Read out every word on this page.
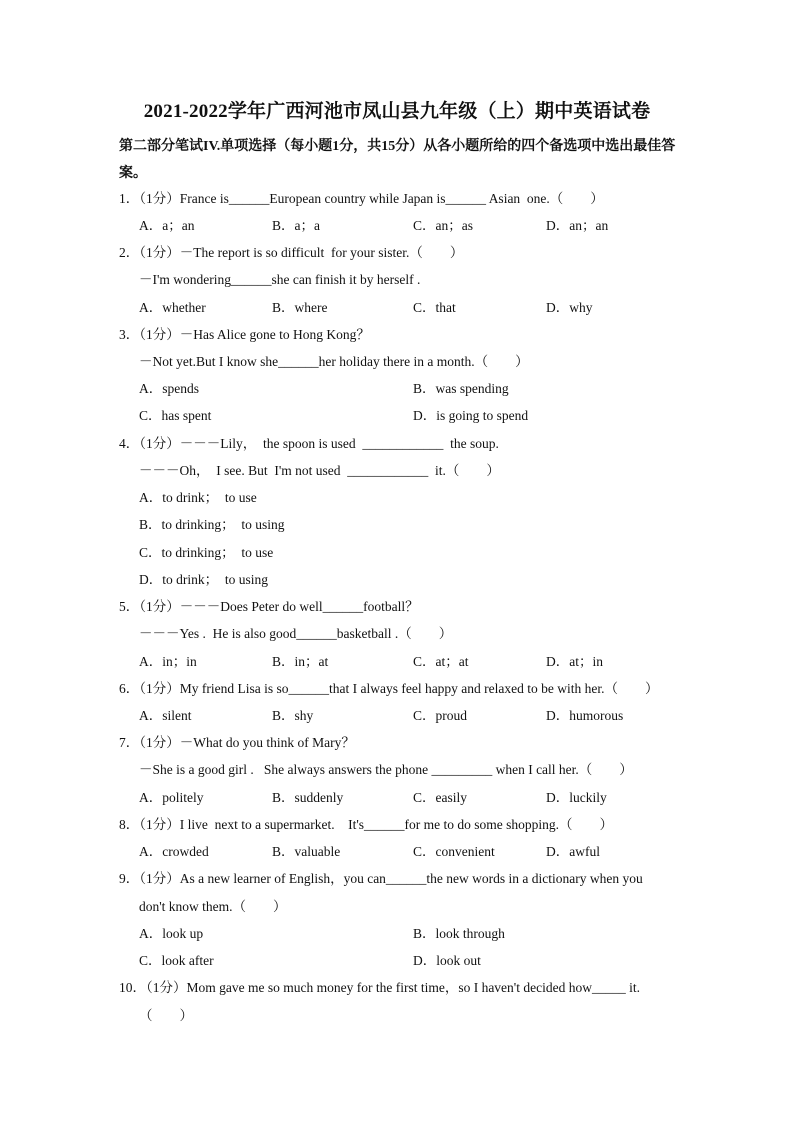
2021-2022学年广西河池市凤山县九年级（上）期中英语试卷
第二部分笔试IV.单项选择（每小题1分，共15分）从各小题所给的四个备选项中选出最佳答案。
1．（1分）France is______European country while Japan is______ Asian  one.（　　）
A．a；an	B．a；a	C．an；as	D．an；an
2．（1分）－The report is so difficult  for your sister.（　　）
－I'm wondering______she can finish it by herself .
A．whether	B．where	C．that	D．why
3．（1分）－Has Alice gone to Hong Kong？
－Not yet.But I know she______her holiday there in a month.（　　）
A．spends	B．was spending
C．has spent	D．is going to spend
4．（1分）－－－Lily，  the spoon is used  ____________  the soup.
－－－Oh，  I see. But  I'm not used  ____________  it.（　　）
A．to drink；  to use
B．to drinking；  to using
C．to drinking；  to use
D．to drink；  to using
5．（1分）－－－Does Peter do well______football？
－－－Yes .  He is also good______basketball .（　　）
A．in；in	B．in；at	C．at；at	D．at；in
6．（1分）My friend Lisa is so______that I always feel happy and relaxed to be with her.（　　）
A．silent	B．shy	C．proud	D．humorous
7．（1分）－What do you think of Mary？
－She is a good girl .   She always answers the phone _________ when I call her.（　　）
A．politely	B．suddenly	C．easily	D．luckily
8．（1分）I live  next to a supermarket.    It's______for me to do some shopping.（　　）
A．crowded	B．valuable	C．convenient	D．awful
9．（1分）As a new learner of English，you can______the new words in a dictionary when you
don't know them.（　　）
A．look up	B．look through
C．look after	D．look out
10．（1分）Mom gave me so much money for the first time，so I haven't decided how_____ it.
（　　）
